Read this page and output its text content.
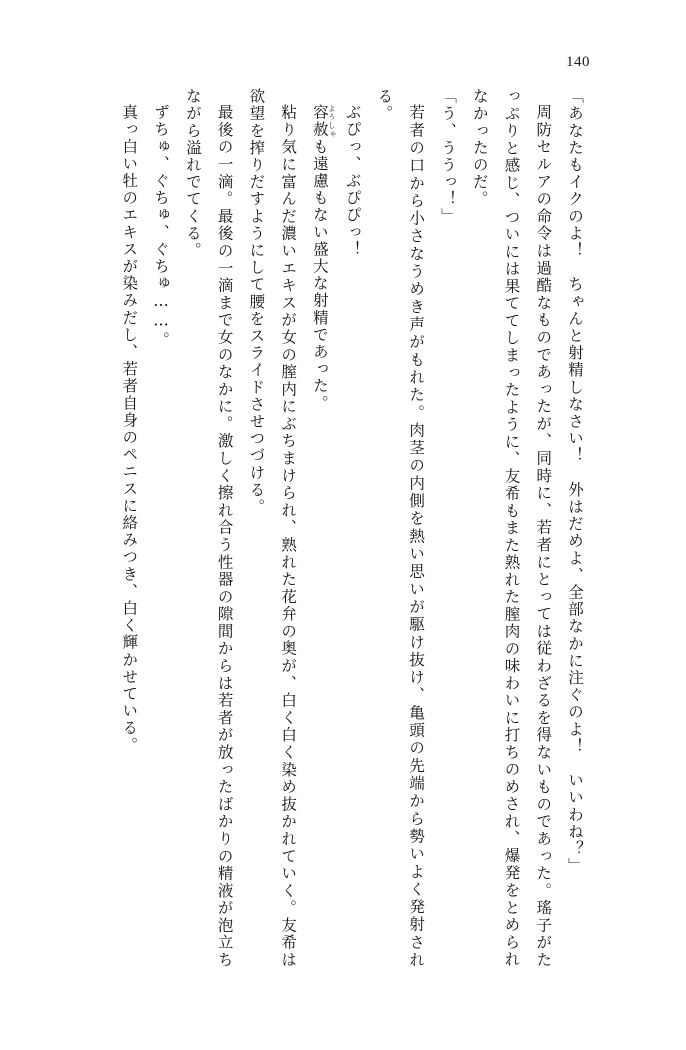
140

「あなたもイクのよ！　ちゃんと射精しなさい！　外はだめよ、全部なかに注ぐのよ！　いいわね？」

周防セルアの命令は過酷なものであったが、同時に、若者にとっては従わざるを得ないものであった。瑤子がたっぷりと感じ、ついには果ててしまったように、友希もまた熟れた膣肉の味わいに打ちのめされ、爆発をとめられなかったのだ。

「う、ううっ！」

若者の口から小さなうめき声がもれた。肉茎の内側を熱い思いが駆け抜け、亀頭の先端から勢いよく発射される。

ぶぴっ、ぶぴぴっ！

容赦ようしゃも遠慮もない盛大な射精であった。

粘り気に富んだ濃いエキスが女の膣内にぶちまけられ、熟れた花弁の奥が、白く白く染め抜かれていく。友希は欲望を搾りだすようにして腰をスライドさせつづける。

最後の一滴。最後の一滴まで女のなかに。激しく擦れ合う性器の隙間からは若者が放ったばかりの精液が泡立ちながら溢れでてくる。

ずちゅ、ぐちゅ、ぐちゅ……。

真っ白い牡のエキスが染みだし、若者自身のペニスに絡みつき、白く輝かせている。
